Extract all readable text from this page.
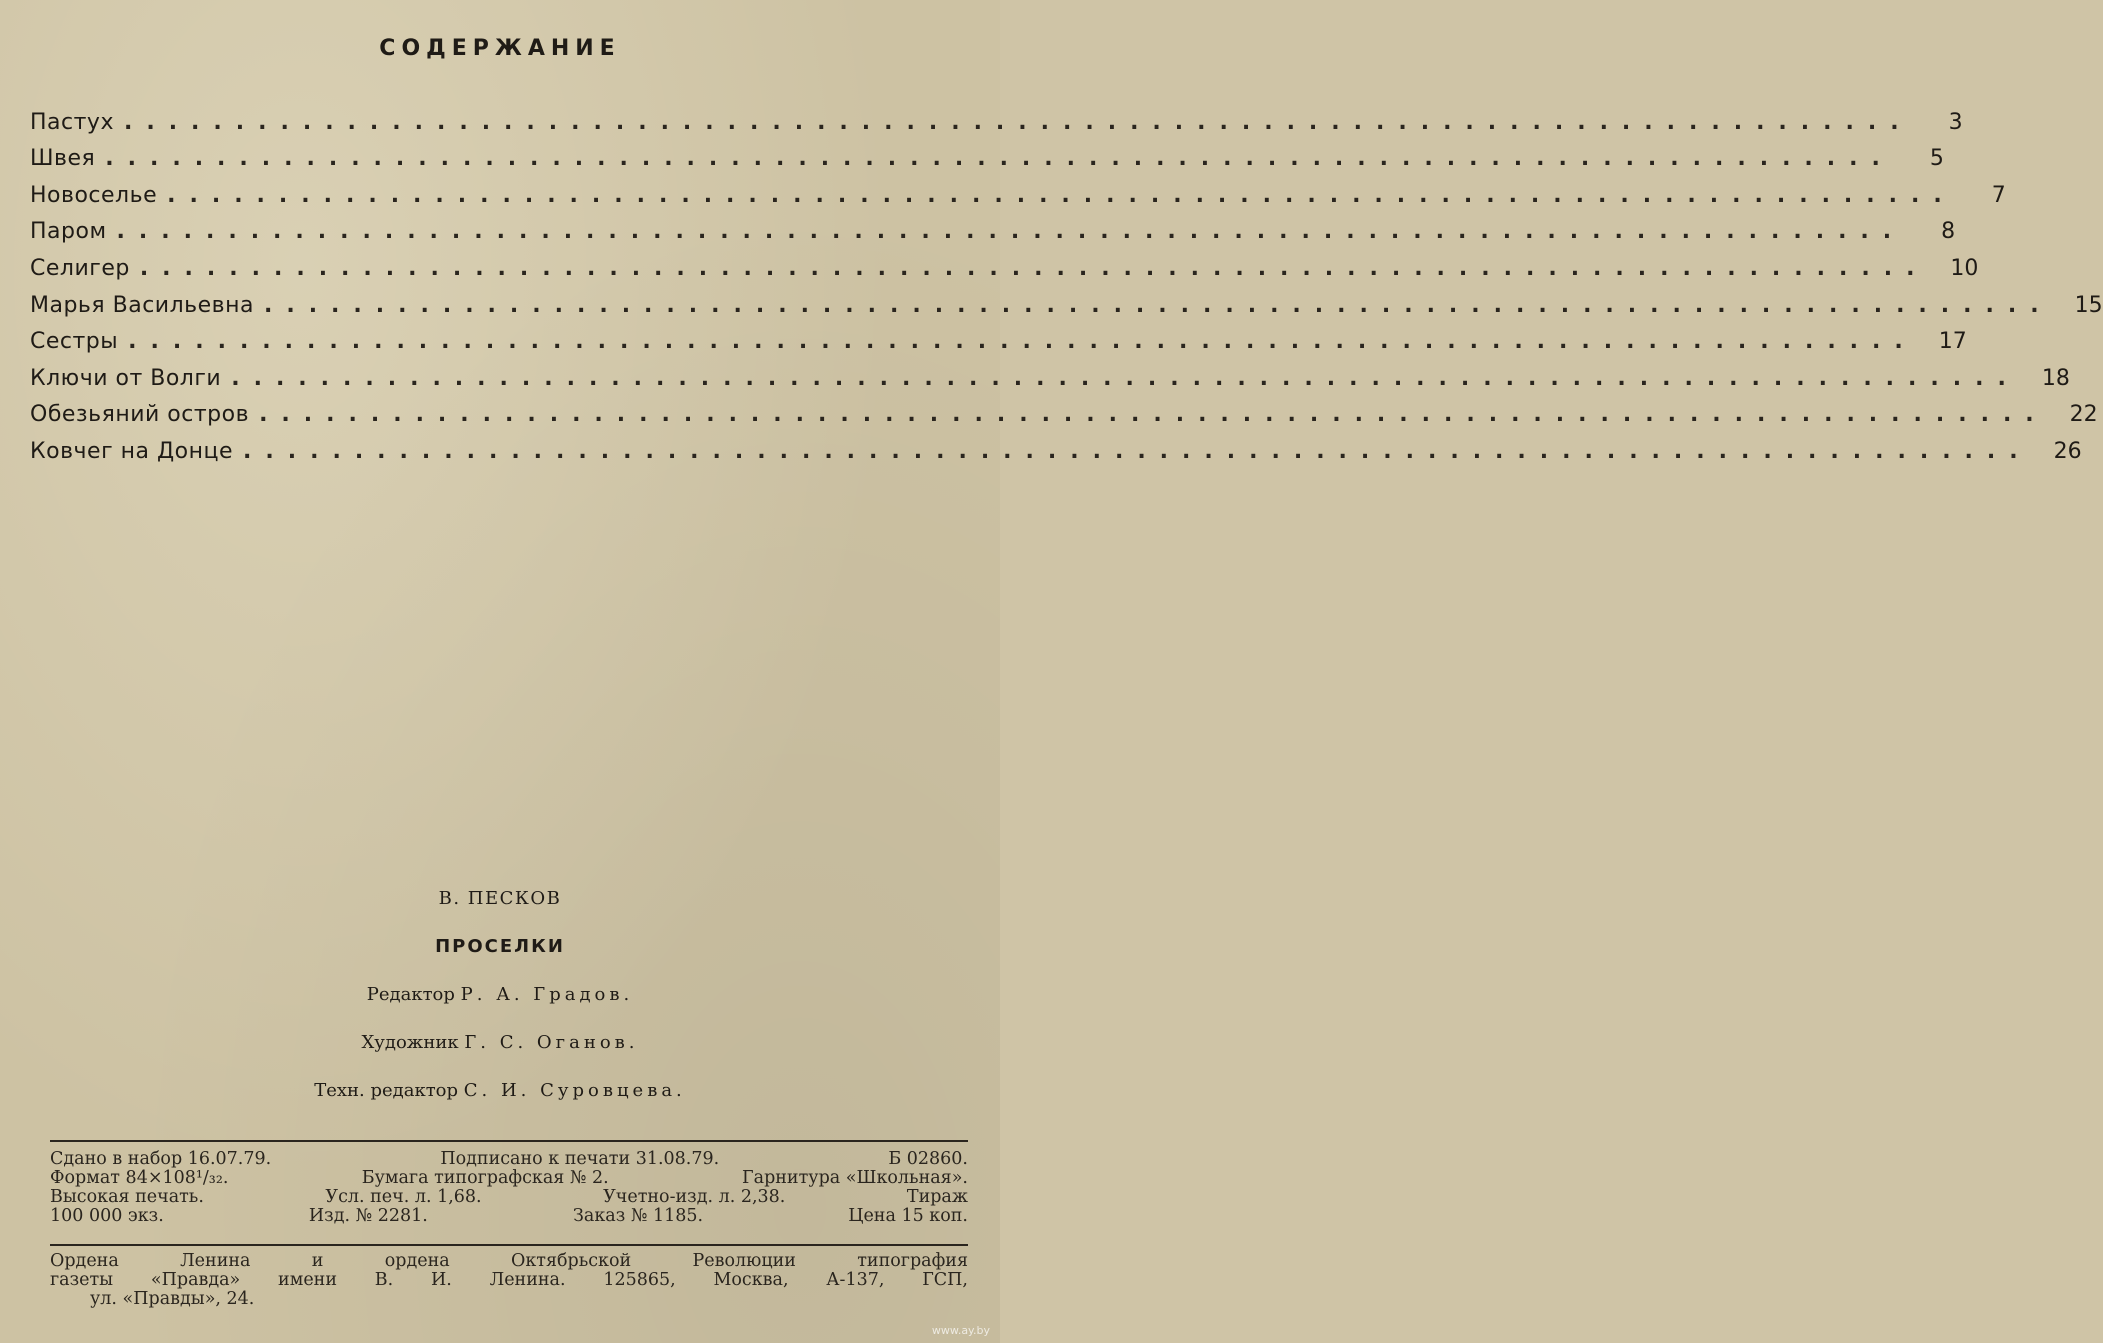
СОДЕРЖАНИЕ
Пастух ................................................................................	3
Швея ................................................................................	5
Новоселье ................................................................................	7
Паром ................................................................................	8
Селигер ................................................................................	10
Марья Васильевна ................................................................................	15
Сестры ................................................................................	17
Ключи от Волги ................................................................................	18
Обезьяний остров ................................................................................	22
Ковчег на Донце ................................................................................	26
В. ПЕСКОВ
ПРОСЕЛКИ
Редактор Р. А. Градов.
Художник Г. С. Оганов.
Техн. редактор С. И. Суровцева.
Сдано в набор 16.07.79.	Подписано к печати 31.08.79.	Б 02860.
Формат 84×108¹/₃₂.	Бумага типографская № 2.	Гарнитура «Школьная».
Высокая печать.	Усл. печ. л. 1,68.	Учетно-изд. л. 2,38.	Тираж
100 000 экз.	Изд. № 2281.	Заказ № 1185.	Цена 15 коп.
Ордена Ленина и ордена Октябрьской Революции типография
газеты «Правда» имени В. И. Ленина. 125865, Москва, А-137, ГСП,
ул. «Правды», 24.
www.ay.by
